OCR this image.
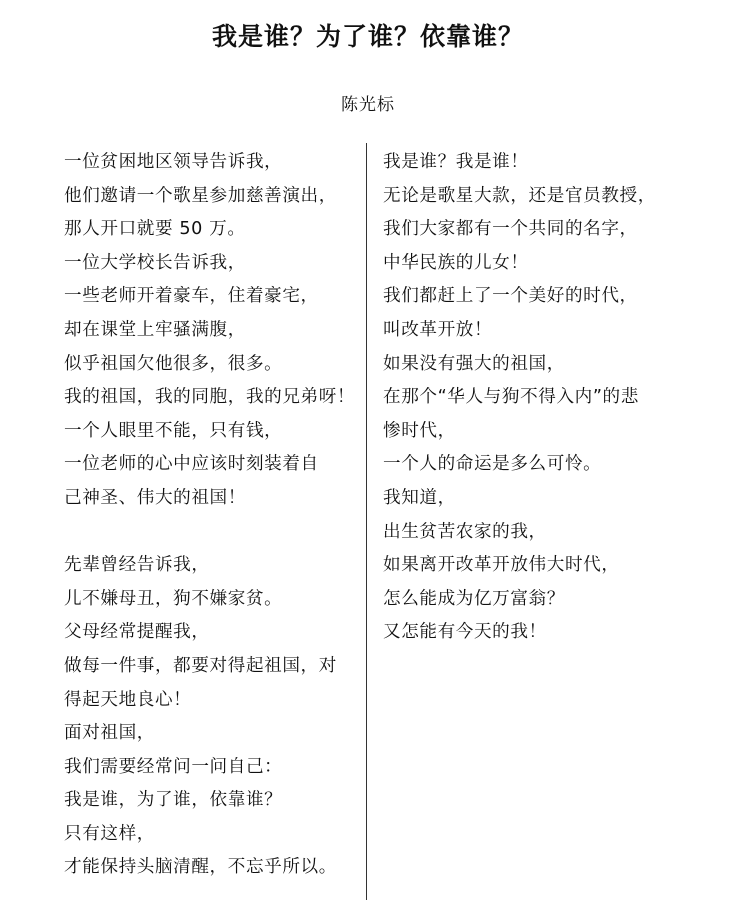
我是谁？为了谁？依靠谁？
陈光标
一位贫困地区领导告诉我，
他们邀请一个歌星参加慈善演出，
那人开口就要 50 万。
一位大学校长告诉我，
一些老师开着豪车，住着豪宅，
却在课堂上牢骚满腹，
似乎祖国欠他很多，很多。
我的祖国，我的同胞，我的兄弟呀！
一个人眼里不能，只有钱，
一位老师的心中应该时刻装着自
己神圣、伟大的祖国！
先辈曾经告诉我，
儿不嫌母丑，狗不嫌家贫。
父母经常提醒我，
做每一件事，都要对得起祖国，对
得起天地良心！
面对祖国，
我们需要经常问一问自己：
我是谁，为了谁，依靠谁？
只有这样，
才能保持头脑清醒，不忘乎所以。
我是谁？我是谁！
无论是歌星大款，还是官员教授，
我们大家都有一个共同的名字，
中华民族的儿女！
我们都赶上了一个美好的时代，
叫改革开放！
如果没有强大的祖国，
在那个“华人与狗不得入内”的悲
惨时代，
一个人的命运是多么可怜。
我知道，
出生贫苦农家的我，
如果离开改革开放伟大时代，
怎么能成为亿万富翁？
又怎能有今天的我！
